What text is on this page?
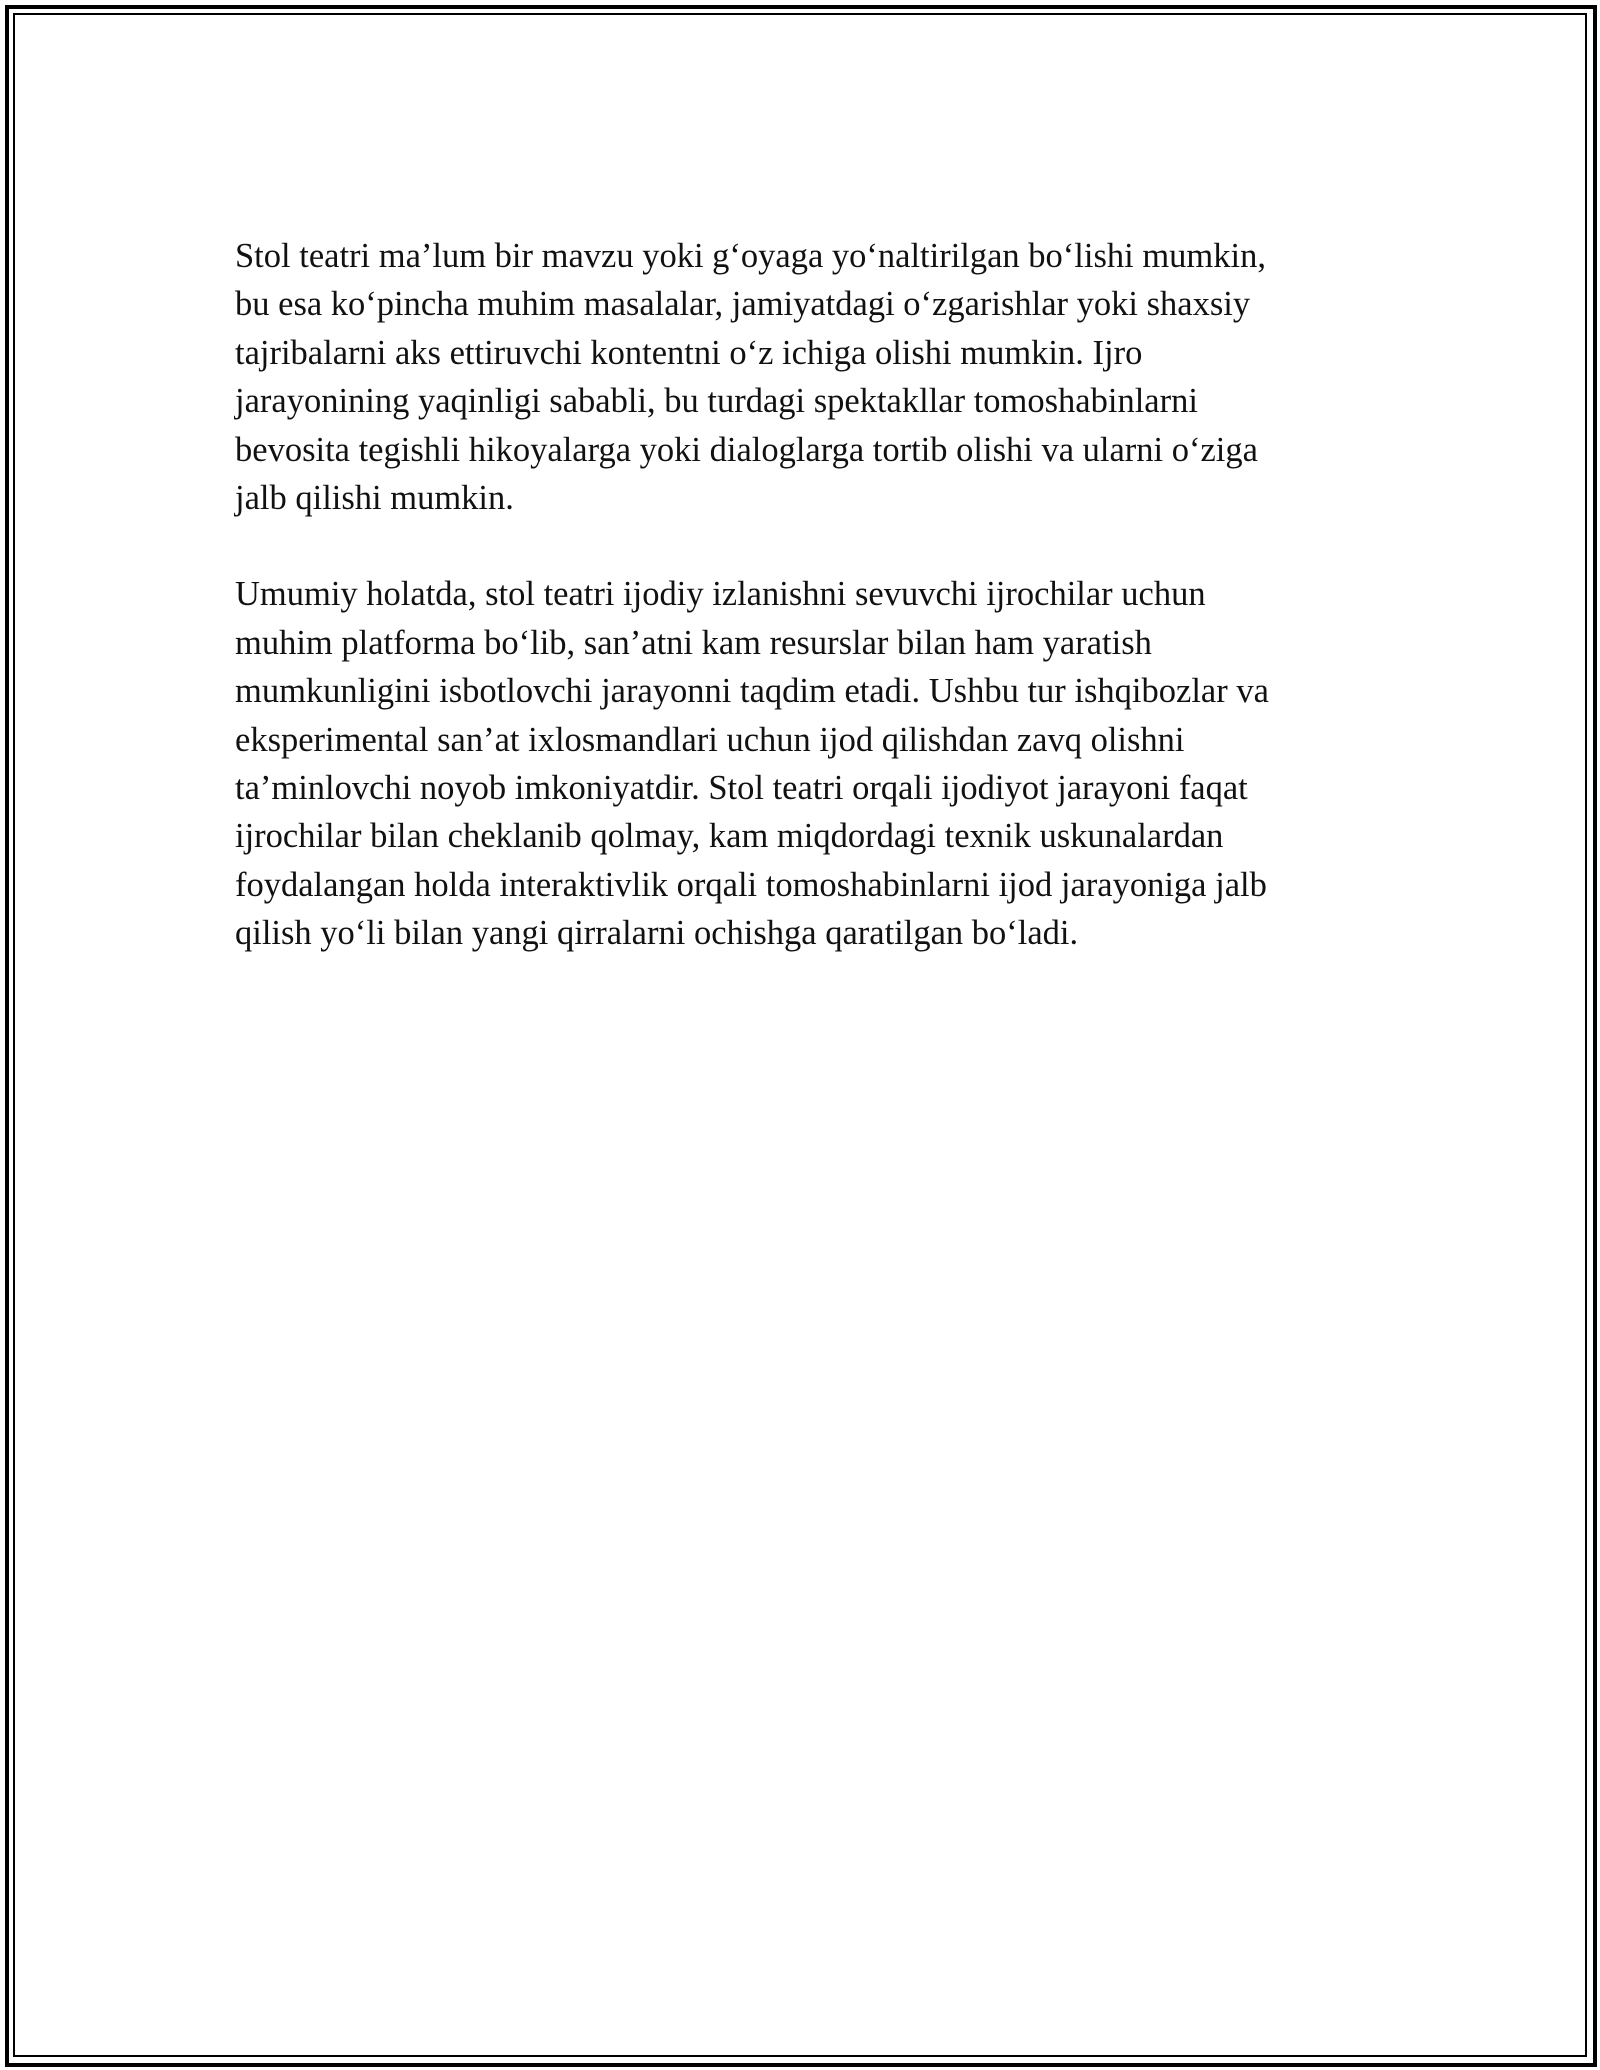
Stol teatri ma’lum bir mavzu yoki g‘oyaga yo‘naltirilgan bo‘lishi mumkin,
bu esa ko‘pincha muhim masalalar, jamiyatdagi o‘zgarishlar yoki shaxsiy
tajribalarni aks ettiruvchi kontentni o‘z ichiga olishi mumkin. Ijro
jarayonining yaqinligi sababli, bu turdagi spektakllar tomoshabinlarni
bevosita tegishli hikoyalarga yoki dialoglarga tortib olishi va ularni o‘ziga
jalb qilishi mumkin.

Umumiy holatda, stol teatri ijodiy izlanishni sevuvchi ijrochilar uchun
muhim platforma bo‘lib, san’atni kam resurslar bilan ham yaratish
mumkunligini isbotlovchi jarayonni taqdim etadi. Ushbu tur ishqibozlar va
eksperimental san’at ixlosmandlari uchun ijod qilishdan zavq olishni
ta’minlovchi noyob imkoniyatdir. Stol teatri orqali ijodiyot jarayoni faqat
ijrochilar bilan cheklanib qolmay, kam miqdordagi texnik uskunalardan
foydalangan holda interaktivlik orqali tomoshabinlarni ijod jarayoniga jalb
qilish yo‘li bilan yangi qirralarni ochishga qaratilgan bo‘ladi.
